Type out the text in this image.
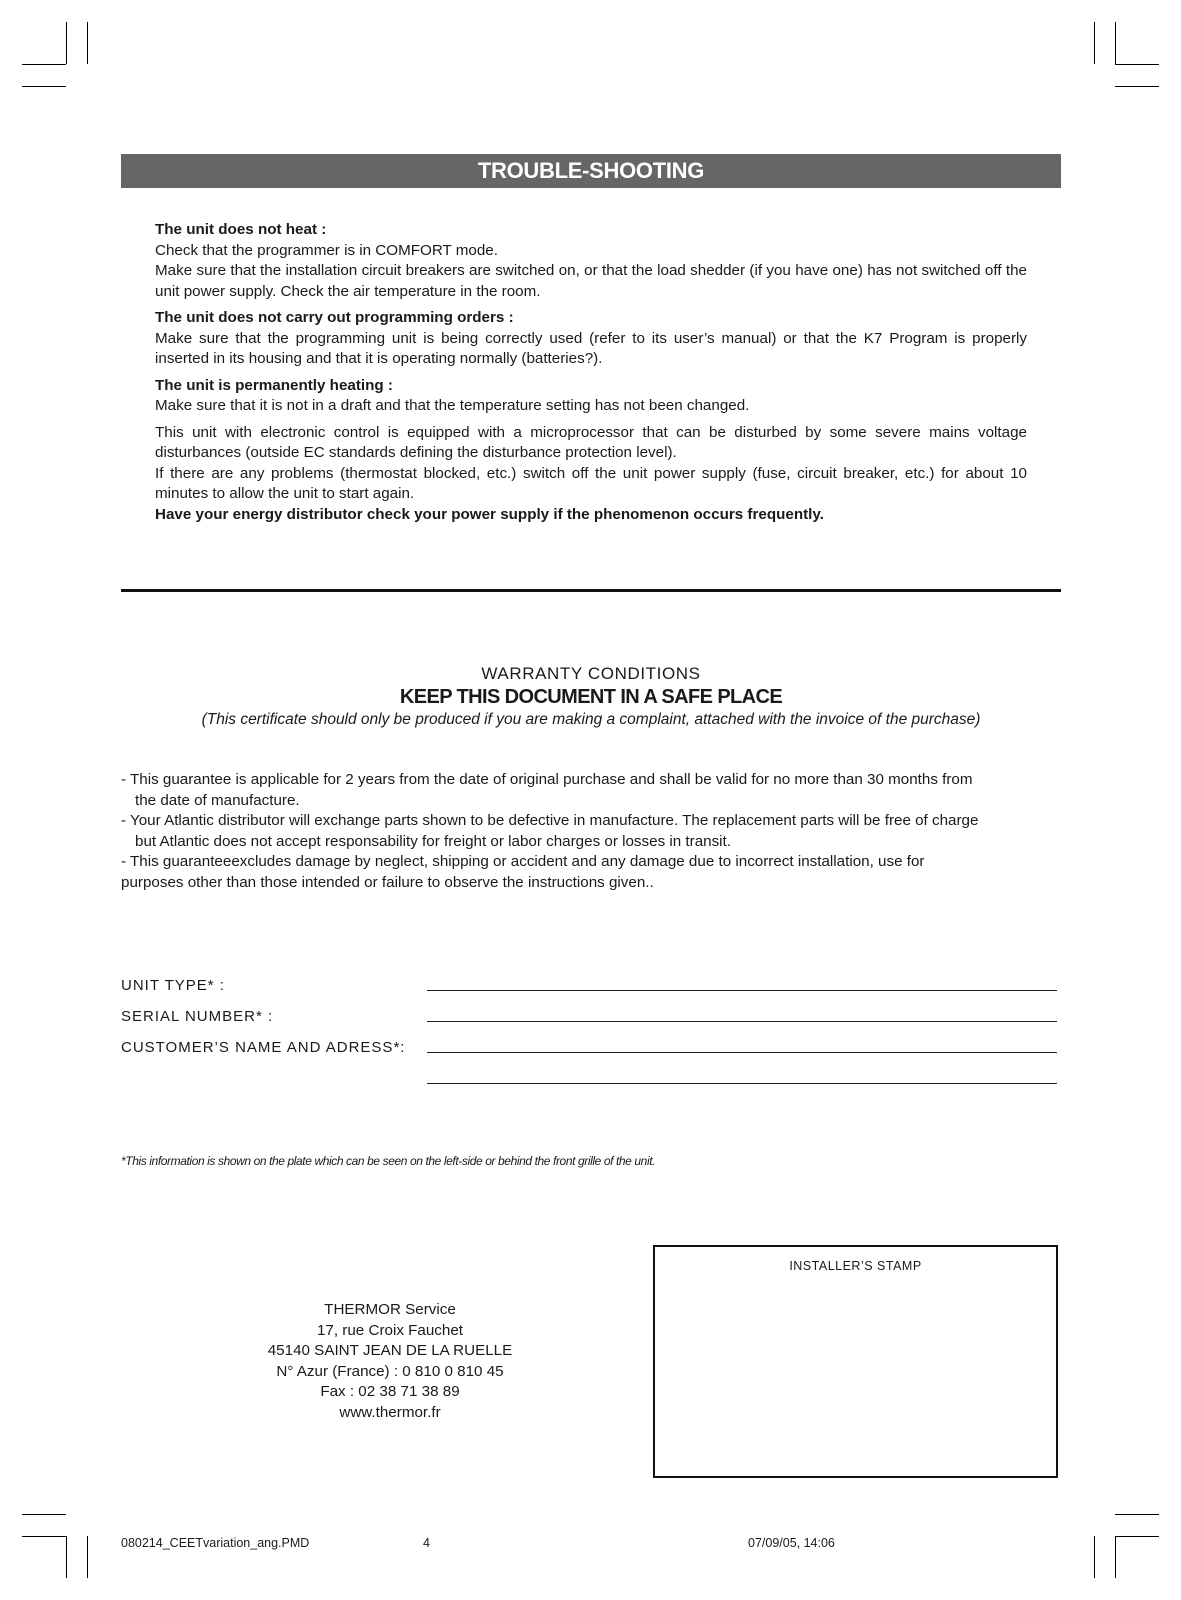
TROUBLE-SHOOTING

The unit does not heat :

Check that the programmer is in COMFORT mode.

Make sure that the installation circuit breakers are switched on, or that the load shedder (if you have one) has not switched off the unit power supply. Check the air temperature in the room.

The unit does not carry out programming orders :

Make sure that the programming unit is being correctly used (refer to its user’s manual) or that the K7 Program is properly inserted in its housing and that it is operating normally (batteries?).

The unit is permanently heating :

Make sure that it is not in a draft and that the temperature setting has not been changed.

This unit with electronic control is equipped with a microprocessor that can be disturbed by some severe mains voltage disturbances (outside EC standards defining the disturbance protection level).

If there are any problems (thermostat blocked, etc.) switch off the unit power supply (fuse, circuit breaker, etc.) for about 10 minutes to allow the unit to start again.

Have your energy distributor check your power supply if the phenomenon occurs frequently.

WARRANTY CONDITIONS
KEEP THIS DOCUMENT IN A SAFE PLACE
(This certificate should only be produced if you are making a complaint, attached with the invoice of the purchase)

- This guarantee is applicable for 2 years from the date of original purchase and shall be valid for no more than 30 months from

the date of manufacture.

- Your Atlantic distributor will exchange parts shown to be defective in manufacture. The replacement parts will be free of charge

but Atlantic does not accept responsability for freight or labor charges or losses in transit.

- This guaranteeexcludes damage by neglect, shipping or accident and any damage due to incorrect installation, use for

purposes other than those intended or failure to observe the instructions given..

UNIT TYPE* :
SERIAL NUMBER* :
CUSTOMER’S NAME AND ADRESS*:
*This information is shown on the plate which can be seen on the left-side or behind the front grille of the unit.
INSTALLER’S STAMP

THERMOR Service

17, rue Croix Fauchet

45140 SAINT JEAN DE LA RUELLE

N° Azur (France) : 0 810 0 810 45

Fax : 02 38 71 38 89

www.thermor.fr

080214_CEETvariation_ang.PMD	4	07/09/05, 14:06
